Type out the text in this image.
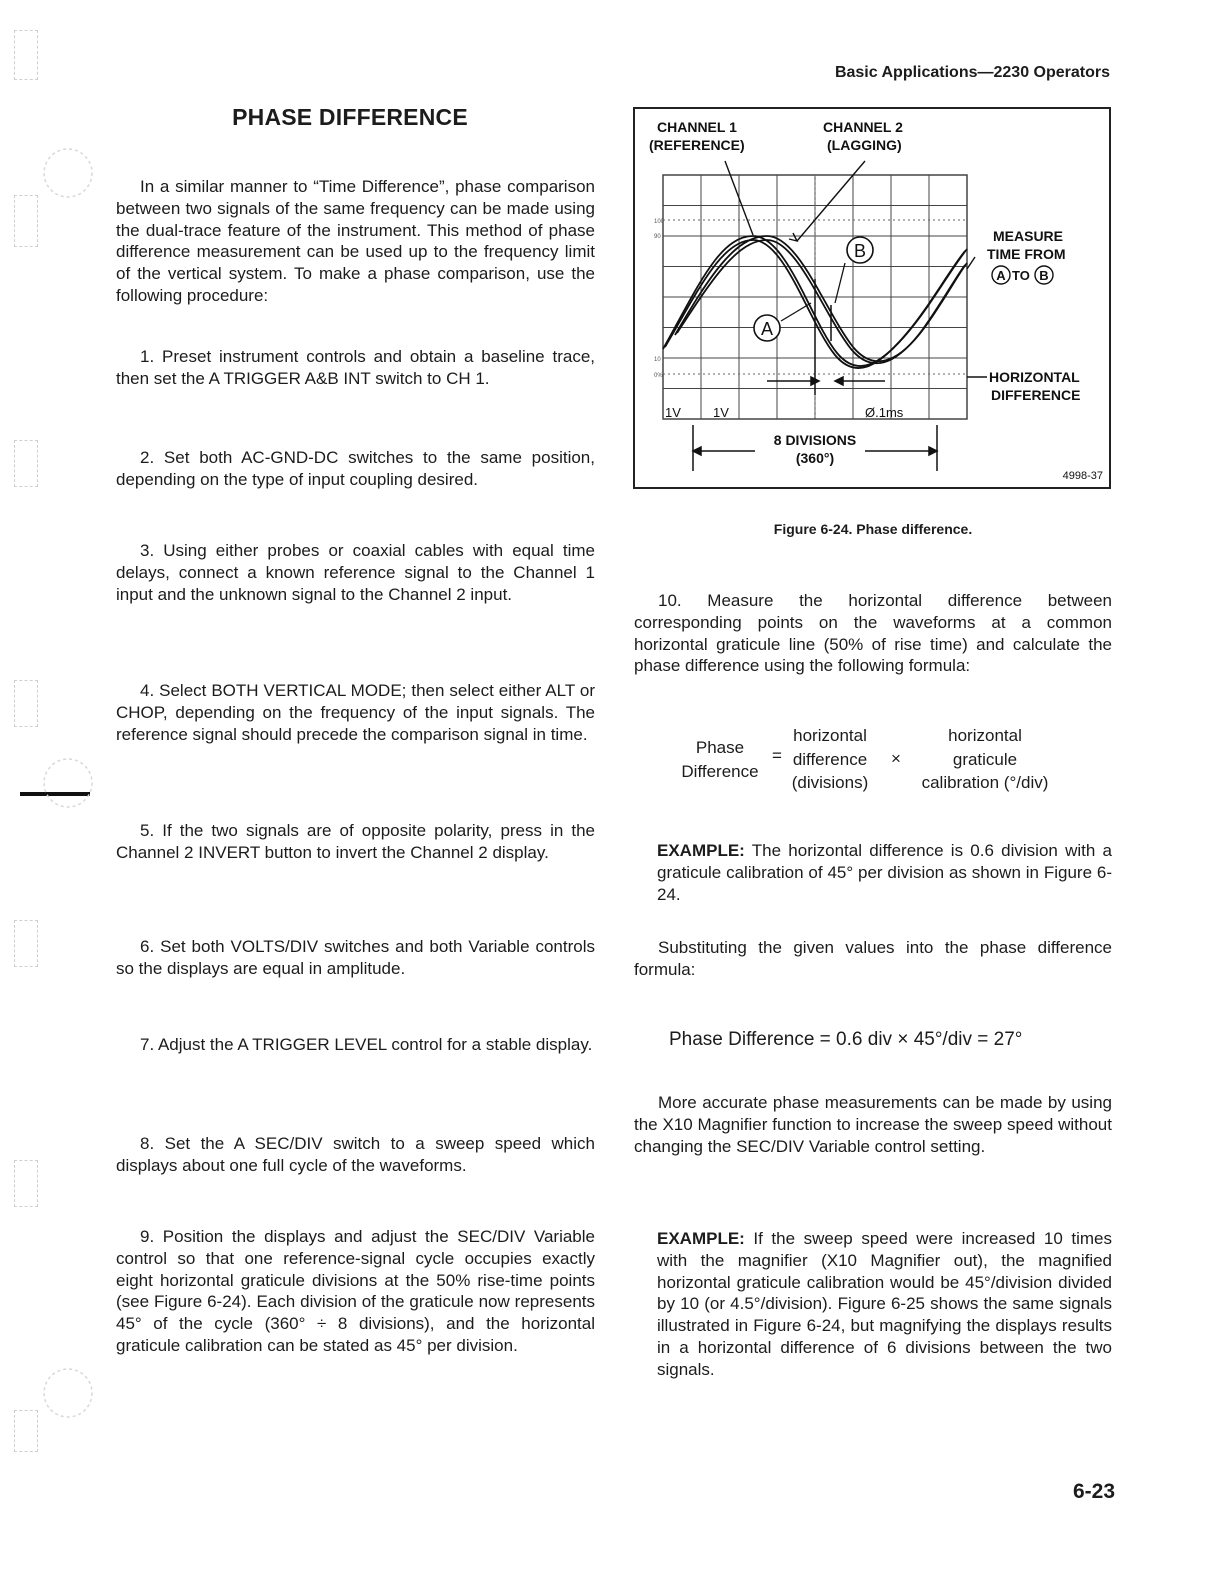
Basic Applications—2230 Operators
PHASE DIFFERENCE

In a similar manner to “Time Difference”, phase comparison between two signals of the same frequency can be made using the dual-trace feature of the instrument. This method of phase difference measurement can be used up to the frequency limit of the vertical system. To make a phase comparison, use the following procedure:

1. Preset instrument controls and obtain a baseline trace, then set the A TRIGGER A&B INT switch to CH 1.

2. Set both AC-GND-DC switches to the same position, depending on the type of input coupling desired.

3. Using either probes or coaxial cables with equal time delays, connect a known reference signal to the Channel 1 input and the unknown signal to the Channel 2 input.

4. Select BOTH VERTICAL MODE; then select either ALT or CHOP, depending on the frequency of the input signals. The reference signal should precede the comparison signal in time.

5. If the two signals are of opposite polarity, press in the Channel 2 INVERT button to invert the Channel 2 display.

6. Set both VOLTS/DIV switches and both Variable controls so the displays are equal in amplitude.

7. Adjust the A TRIGGER LEVEL control for a stable display.

8. Set the A SEC/DIV switch to a sweep speed which displays about one full cycle of the waveforms.

9. Position the displays and adjust the SEC/DIV Variable control so that one reference-signal cycle occupies exactly eight horizontal graticule divisions at the 50% rise-time points (see Figure 6-24). Each division of the graticule now represents 45° of the cycle (360° ÷ 8 divisions), and the horizontal graticule calibration can be stated as 45° per division.

100
90
10
0%
B
A
1V 1V	Ø.1ms
8 DIVISIONS
(360°)
CHANNEL 1
(REFERENCE)
CHANNEL 2
(LAGGING)
MEASURE
TIME FROM
A TO B
HORIZONTAL
DIFFERENCE
4998-37
Figure 6-24. Phase difference.

10. Measure the horizontal difference between corresponding points on the waveforms at a common horizontal graticule line (50% of rise time) and calculate the phase difference using the following formula:

Phase
Difference
=
horizontal
difference
(divisions)
×
horizontal
graticule
calibration (°/div)

EXAMPLE: The horizontal difference is 0.6 division with a graticule calibration of 45° per division as shown in Figure 6-24.

Substituting the given values into the phase difference formula:

Phase Difference = 0.6 div × 45°/div = 27°

More accurate phase measurements can be made by using the X10 Magnifier function to increase the sweep speed without changing the SEC/DIV Variable control setting.

EXAMPLE: If the sweep speed were increased 10 times with the magnifier (X10 Magnifier out), the magnified horizontal graticule calibration would be 45°/division divided by 10 (or 4.5°/division). Figure 6-25 shows the same signals illustrated in Figure 6-24, but magnifying the displays results in a horizontal difference of 6 divisions between the two signals.

6-23
